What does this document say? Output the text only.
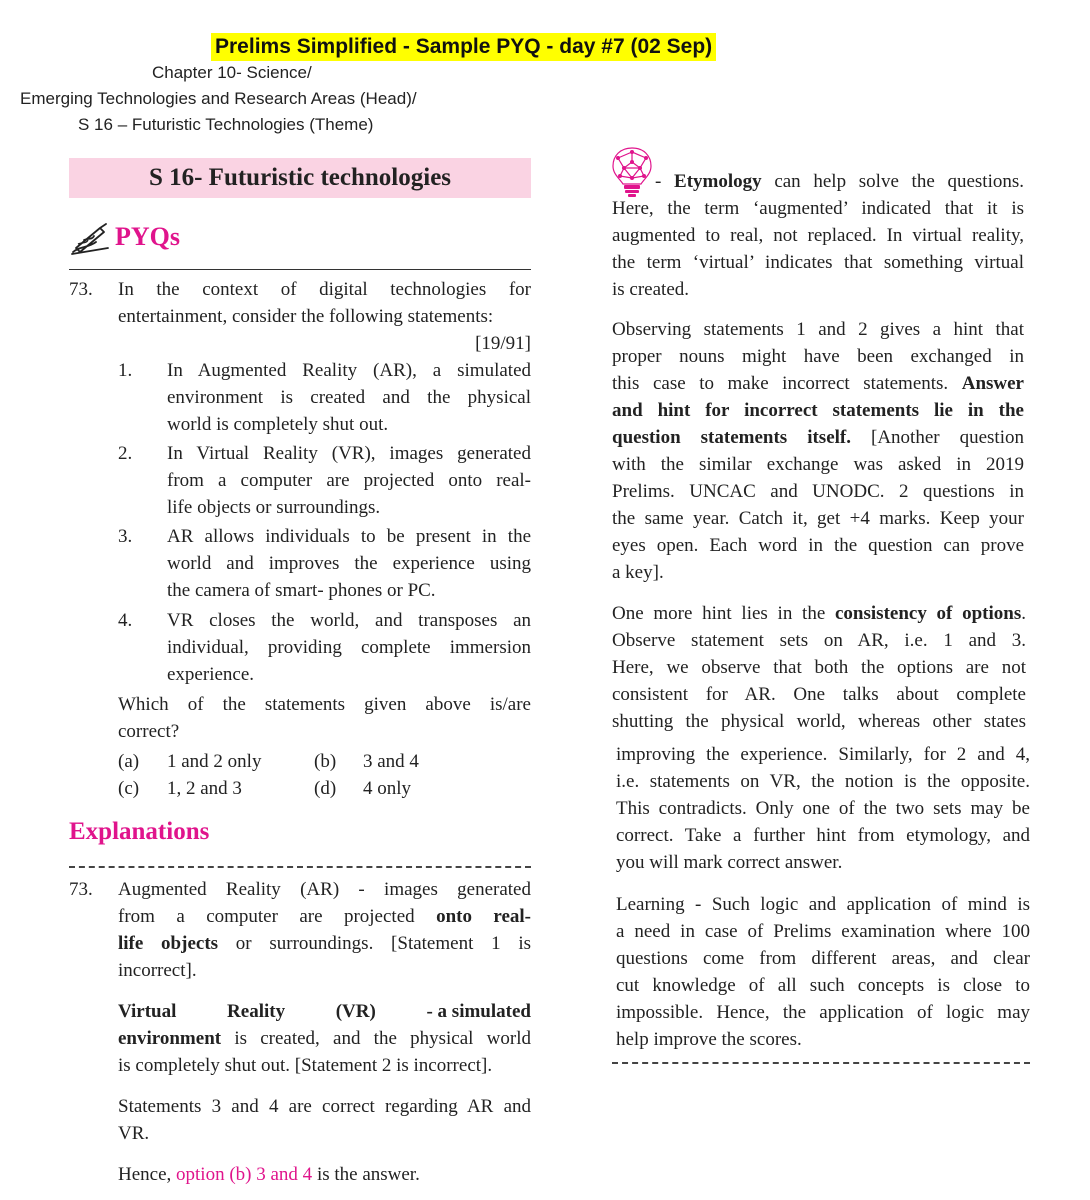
Prelims Simplified - Sample PYQ - day #7 (02 Sep)
Chapter 10- Science/
Emerging Technologies and Research Areas (Head)/
S 16 – Futuristic Technologies (Theme)
S 16- Futuristic technologies
PYQs
73. In the context of digital technologies for
entertainment, consider the following statements:
[19/91]
1. In Augmented Reality (AR), a simulated
environment is created and the physical
world is completely shut out.
2. In Virtual Reality (VR), images generated
from a computer are projected onto real-
life objects or surroundings.
3. AR allows individuals to be present in the
world and improves the experience using
the camera of smart- phones or PC.
4. VR closes the world, and transposes an
individual, providing complete immersion
experience.
Which of the statements given above is/are
correct?
(a) 1 and 2 only	(b) 3 and 4
(c) 1, 2 and 3	(d) 4 only
Explanations
73. Augmented Reality (AR) - images generated
from a computer are projected onto real-
life objects or surroundings. [Statement 1 is
incorrect].
Virtual	Reality	(VR)	- a simulated
environment is created, and the physical world
is completely shut out. [Statement 2 is incorrect].
Statements 3 and 4 are correct regarding AR and
VR.
Hence, option (b) 3 and 4 is the answer.
- Etymology can help solve the questions.
Here, the term ‘augmented’ indicated that it is
augmented to real, not replaced. In virtual reality,
the term ‘virtual’ indicates that something virtual
is created.
Observing statements 1 and 2 gives a hint that
proper nouns might have been exchanged in
this case to make incorrect statements. Answer
and hint for incorrect statements lie in the
question statements itself. [Another question
with the similar exchange was asked in 2019
Prelims. UNCAC and UNODC. 2 questions in
the same year. Catch it, get +4 marks. Keep your
eyes open. Each word in the question can prove
a key].
One more hint lies in the consistency of options.
Observe statement sets on AR, i.e. 1 and 3.
Here, we observe that both the options are not
consistent for AR. One talks about complete
shutting the physical world, whereas other states
improving the experience. Similarly, for 2 and 4,
i.e. statements on VR, the notion is the opposite.
This contradicts. Only one of the two sets may be
correct. Take a further hint from etymology, and
you will mark correct answer.
Learning - Such logic and application of mind is
a need in case of Prelims examination where 100
questions come from different areas, and clear
cut knowledge of all such concepts is close to
impossible. Hence, the application of logic may
help improve the scores.
